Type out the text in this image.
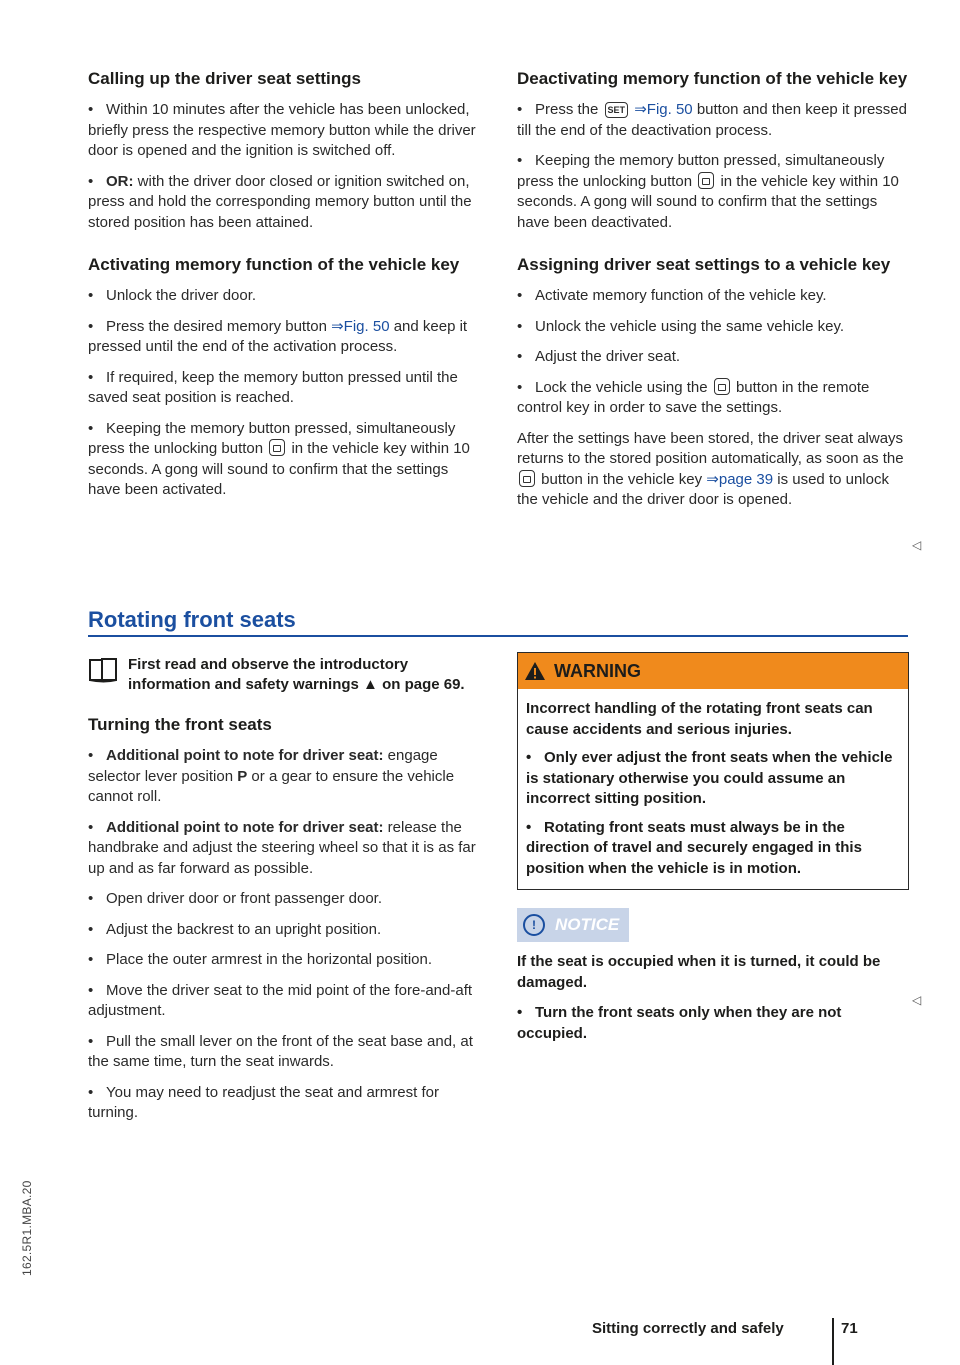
Calling up the driver seat settings

• Within 10 minutes after the vehicle has been unlocked, briefly press the respective memory button while the driver door is opened and the ignition is switched off.

• OR: with the driver door closed or ignition switched on, press and hold the corresponding memory button until the stored position has been attained.

Activating memory function of the vehicle key

• Unlock the driver door.

• Press the desired memory button ⇒Fig. 50 and keep it pressed until the end of the activation process.

• If required, keep the memory button pressed until the saved seat position is reached.

• Keeping the memory button pressed, simultaneously press the unlocking button  in the vehicle key within 10 seconds. A gong will sound to confirm that the settings have been activated.

Deactivating memory function of the vehicle key

• Press the SET ⇒Fig. 50 button and then keep it pressed till the end of the deactivation process.

• Keeping the memory button pressed, simultaneously press the unlocking button  in the vehicle key within 10 seconds. A gong will sound to confirm that the settings have been deactivated.

Assigning driver seat settings to a vehicle key

• Activate memory function of the vehicle key.

• Unlock the vehicle using the same vehicle key.

• Adjust the driver seat.

• Lock the vehicle using the  button in the remote control key in order to save the settings.

After the settings have been stored, the driver seat always returns to the stored position automatically, as soon as the  button in the vehicle key ⇒page 39 is used to unlock the vehicle and the driver door is opened.

◁
Rotating front seats
First read and observe the introductory information and safety warnings ▲ on page 69.
Turning the front seats

• Additional point to note for driver seat: engage selector lever position P or a gear to ensure the vehicle cannot roll.

• Additional point to note for driver seat: release the handbrake and adjust the steering wheel so that it is as far up and as far forward as possible.

• Open driver door or front passenger door.

• Adjust the backrest to an upright position.

• Place the outer armrest in the horizontal position.

• Move the driver seat to the mid point of the fore-and-aft adjustment.

• Pull the small lever on the front of the seat base and, at the same time, turn the seat inwards.

• You may need to readjust the seat and armrest for turning.

WARNING

Incorrect handling of the rotating front seats can cause accidents and serious injuries.

• Only ever adjust the front seats when the vehicle is stationary otherwise you could assume an incorrect sitting position.

• Rotating front seats must always be in the direction of travel and securely engaged in this position when the vehicle is in motion.

!	NOTICE

If the seat is occupied when it is turned, it could be damaged.

• Turn the front seats only when they are not occupied.

◁
162.5R1.MBA.20
Sitting correctly and safely	71
